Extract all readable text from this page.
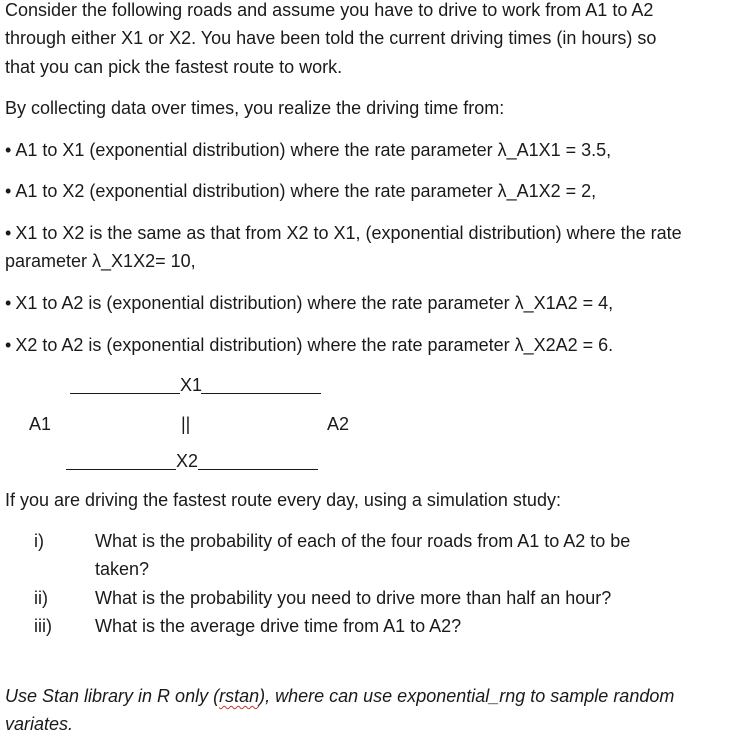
Consider the following roads and assume you have to drive to work from A1 to A2
through either X1 or X2. You have been told the current driving times (in hours) so
that you can pick the fastest route to work.
By collecting data over times, you realize the driving time from:
• A1 to X1 (exponential distribution) where the rate parameter λ_A1X1 = 3.5,
• A1 to X2 (exponential distribution) where the rate parameter λ_A1X2 = 2,
• X1 to X2 is the same as that from X2 to X1, (exponential distribution) where the rate
parameter λ_X1X2= 10,
• X1 to A2 is (exponential distribution) where the rate parameter λ_X1A2 = 4,
• X2 to A2 is (exponential distribution) where the rate parameter λ_X2A2 = 6.
X1
A1	||	A2
X2
If you are driving the fastest route every day, using a simulation study:
i)	What is the probability of each of the four roads from A1 to A2 to be
taken?
ii)	What is the probability you need to drive more than half an hour?
iii) What is the average drive time from A1 to A2?
Use Stan library in R only (rstan), where can use exponential_rng to sample random
variates.
